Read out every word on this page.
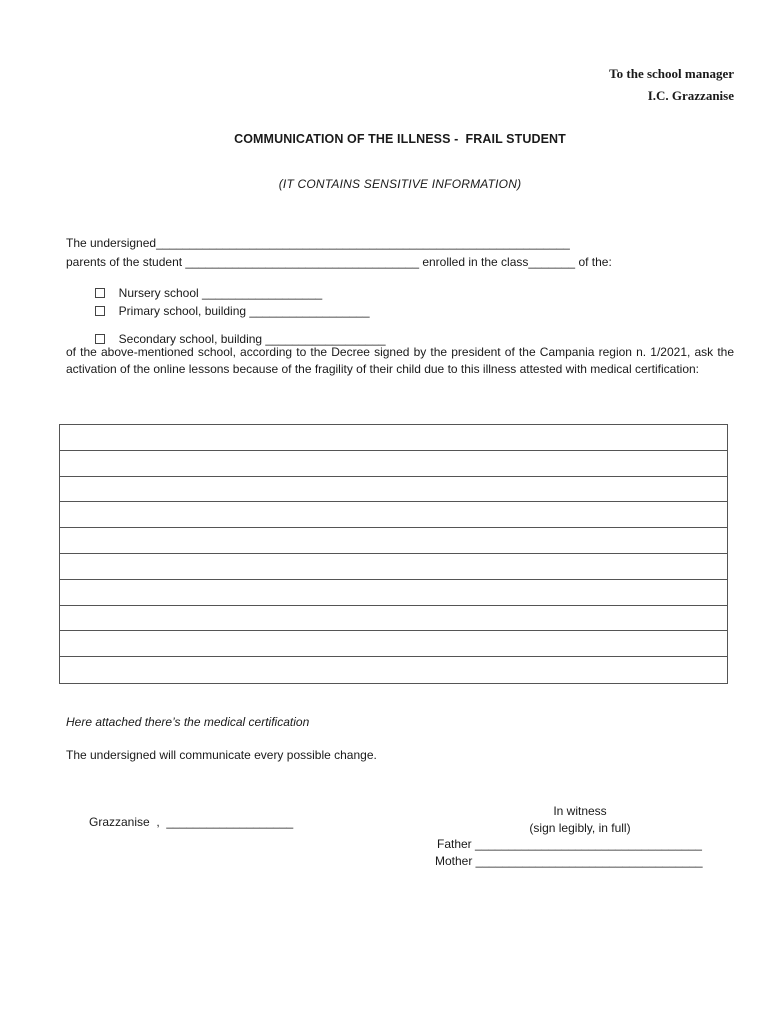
To the school manager
I.C. Grazzanise
COMMUNICATION OF THE ILLNESS -  FRAIL STUDENT
(IT CONTAINS SENSITIVE INFORMATION)
The undersigned______________________________________________________________
parents of the student ___________________________________ enrolled in the class_______ of the:

Nursery school __________________

Primary school, building __________________

Secondary school, building __________________

of the above-mentioned school, according to the Decree signed by the president of the Campania region n. 1/2021, ask the activation of the online lessons because of the fragility of their child due to this illness attested with medical certification:
Here attached there’s the medical certification
The undersigned will communicate every possible change.
Grazzanise  ,  ___________________
In witness
(sign legibly, in full)
Father __________________________________
Mother __________________________________
